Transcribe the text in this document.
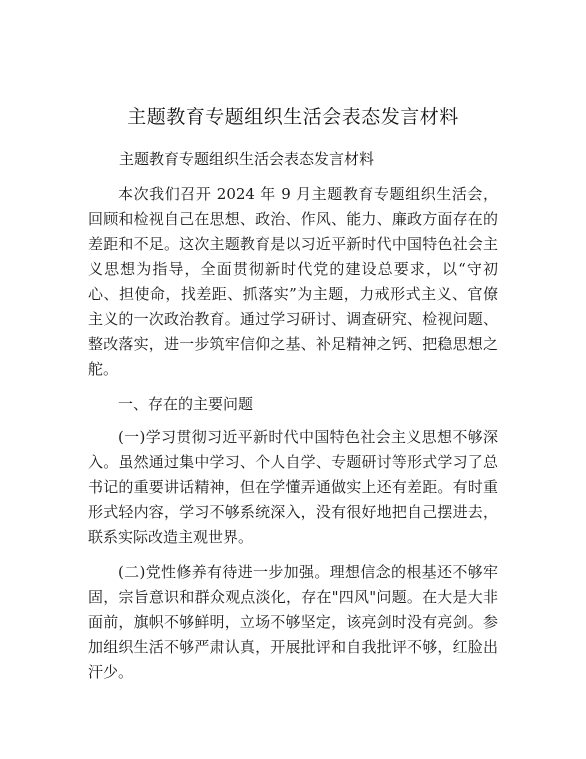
主题教育专题组织生活会表态发言材料

主题教育专题组织生活会表态发言材料

本次我们召开 2024 年 9 月主题教育专题组织生活会，回顾和检视自己在思想、政治、作风、能力、廉政方面存在的差距和不足。这次主题教育是以习近平新时代中国特色社会主义思想为指导，全面贯彻新时代党的建设总要求，以“守初心、担使命，找差距、抓落实”为主题，力戒形式主义、官僚主义的一次政治教育。通过学习研讨、调查研究、检视问题、整改落实，进一步筑牢信仰之基、补足精神之钙、把稳思想之舵。

一、存在的主要问题

(一)学习贯彻习近平新时代中国特色社会主义思想不够深入。虽然通过集中学习、个人自学、专题研讨等形式学习了总书记的重要讲话精神，但在学懂弄通做实上还有差距。有时重形式轻内容，学习不够系统深入，没有很好地把自己摆进去，联系实际改造主观世界。

(二)党性修养有待进一步加强。理想信念的根基还不够牢固，宗旨意识和群众观点淡化，存在"四风"问题。在大是大非面前，旗帜不够鲜明，立场不够坚定，该亮剑时没有亮剑。参加组织生活不够严肃认真，开展批评和自我批评不够，红脸出汗少。
